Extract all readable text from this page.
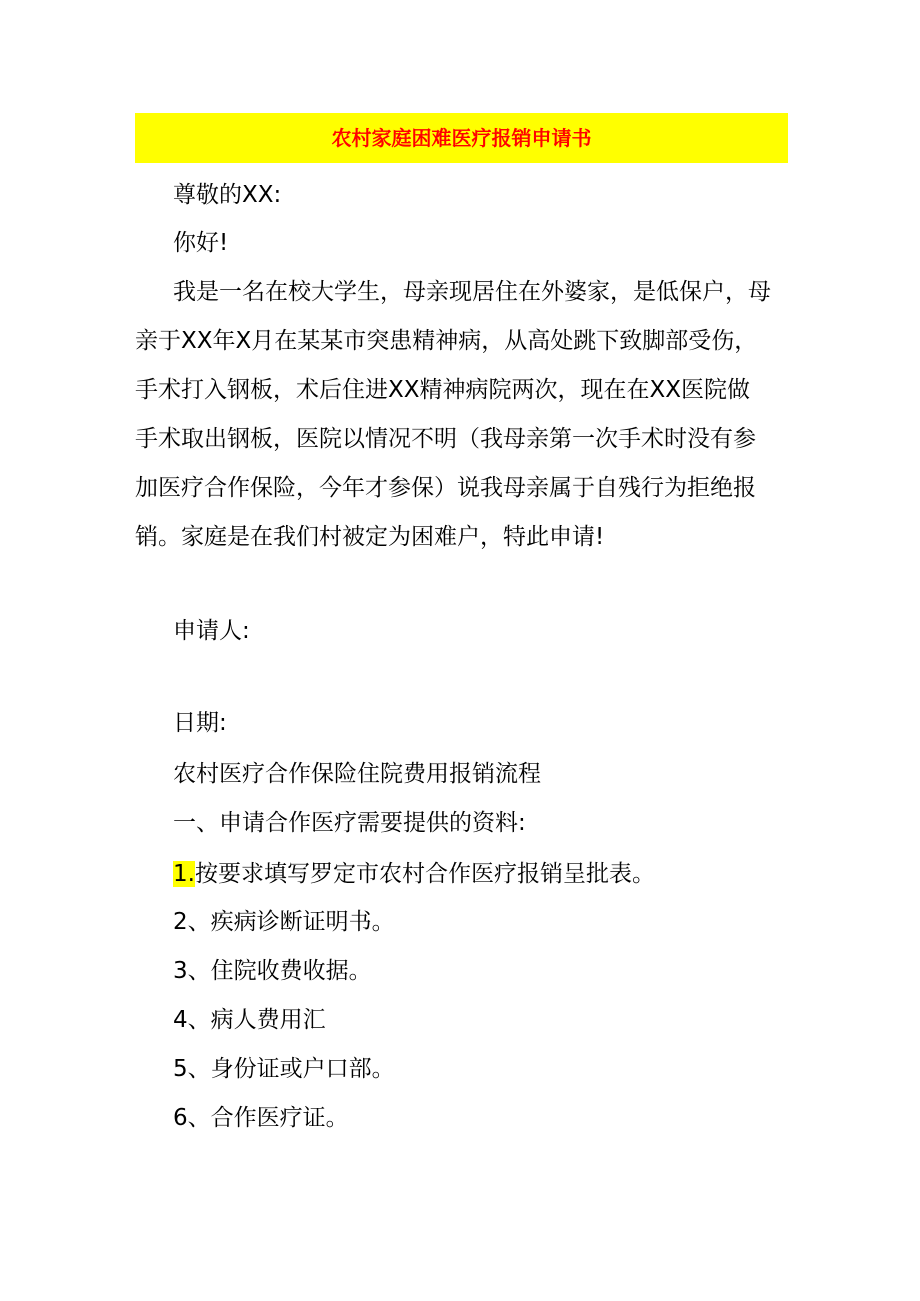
农村家庭困难医疗报销申请书
尊敬的XX:
你好!
我是一名在校大学生，母亲现居住在外婆家，是低保户，母
亲于XX年X月在某某市突患精神病，从高处跳下致脚部受伤，
手术打入钢板，术后住进XX精神病院两次，现在在XX医院做
手术取出钢板，医院以情况不明（我母亲第一次手术时没有参
加医疗合作保险，今年才参保）说我母亲属于自残行为拒绝报
销。家庭是在我们村被定为困难户，特此申请!
申请人:
日期:
农村医疗合作保险住院费用报销流程
一、申请合作医疗需要提供的资料:
1.按要求填写罗定市农村合作医疗报销呈批表。
2、疾病诊断证明书。
3、住院收费收据。
4、病人费用汇
5、身份证或户口部。
6、合作医疗证。
